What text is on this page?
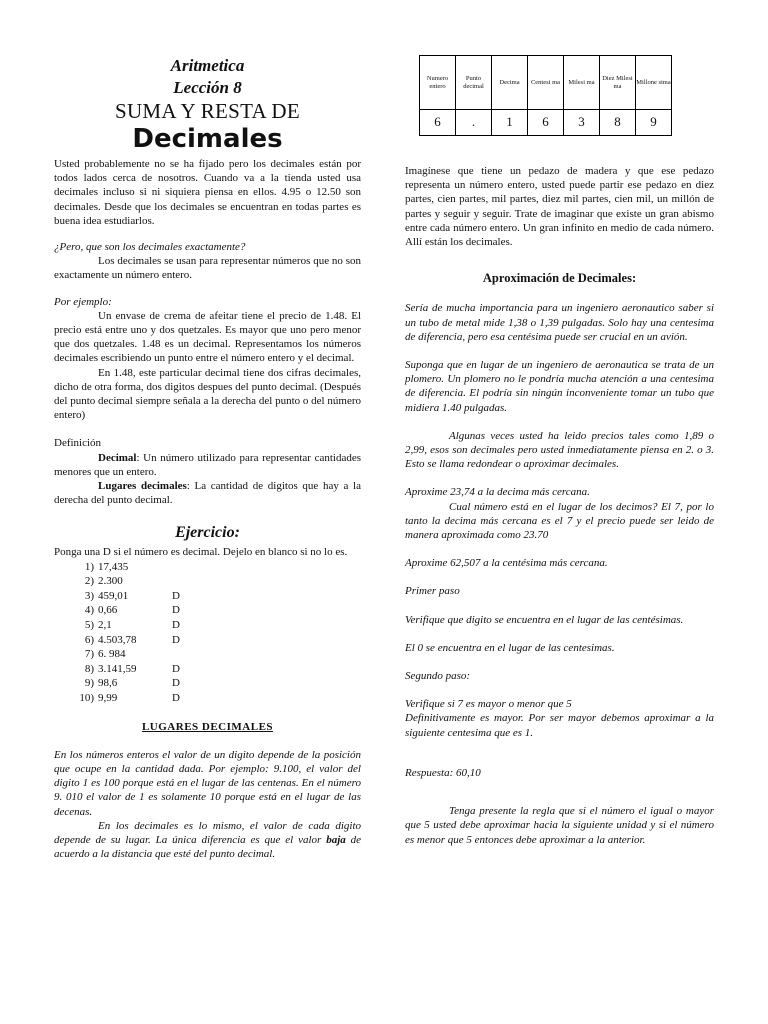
Aritmetica
Lección 8
SUMA Y RESTA DE
Decimales

Usted probablemente no se ha fijado pero los decimales están por todos lados cerca de nosotros. Cuando va a la tienda usted usa decimales incluso si ni siquiera piensa en ellos. 4.95 o 12.50 son decimales. Desde que los decimales se encuentran en todas partes es buena idea estudiarlos.

¿Pero, que son los decimales exactamente?

Los decimales se usan para representar números que no son exactamente un número entero.

Por ejemplo:

Un envase de crema de afeitar tiene el precio de 1.48. El precio está entre uno y dos quetzales. Es mayor que uno pero menor que dos quetzales. 1.48 es un decimal. Representamos los números decimales escribiendo un punto entre el número entero y el decimal.

En 1.48, este particular decimal tiene dos cifras decimales, dicho de otra forma, dos digitos despues del punto decimal. (Después del punto decimal siempre señala a la derecha del punto o del número entero)

Definición

Decimal: Un número utilizado para representar cantidades menores que un entero.

Lugares decimales: La cantidad de digitos que hay a la derecha del punto decimal.

Ejercicio:

Ponga una D si el número es decimal. Dejelo en blanco si no lo es.

1) 17,435
2) 2.300
3) 459,01	D
4) 0,66	D
5) 2,1	D
6) 4.503,78	D
7) 6. 984
8) 3.141,59	D
9) 98,6	D
10) 9,99	D
LUGARES DECIMALES

En los números enteros el valor de un digito depende de la posición que ocupe en la cantidad dada. Por ejemplo: 9.100, el valor del digito 1 es 100 porque está en el lugar de las centenas. En el número 9. 010 el valor de 1 es solamente 10 porque está en el lugar de las decenas.

En los decimales es lo mismo, el valor de cada digito depende de su lugar. La única diferencia es que el valor baja de acuerdo a la distancia que esté del punto decimal.

Numero entero	Punto decimal	Decima	Centesi ma	Milesi ma	Diez Milesi ma	Millone sima
6	.	1	6	3	8	9

Imagínese que tiene un pedazo de madera y que ese pedazo representa un número entero, usted puede partir ese pedazo en diez partes, cien partes, mil partes, diez mil partes, cien mil, un millón de partes y seguir y seguir. Trate de imaginar que existe un gran abismo entre cada número entero. Un gran infinito en medio de cada número. Allí están los decimales.

Aproximación de Decimales:

Sería de mucha importancia para un ingeniero aeronautico saber si un tubo de metal mide 1,38 o 1,39 pulgadas. Solo hay una centesima de diferencia, pero esa centésima puede ser crucial en un avión.

Suponga que en lugar de un ingeniero de aeronautica se trata de un plomero. Un plomero no le pondría mucha atención a una centesima de diferencia. El podría sin ningún inconveniente tomar un tubo que midiera 1.40 pulgadas.

Algunas veces usted ha leido precios tales como 1,89 o 2,99, esos son decimales pero usted inmediatamente piensa en 2. o 3. Esto se llama redondear o aproximar decimales.

Aproxime 23,74 a la decima más cercana.

Cual número está en el lugar de los decimos? El 7, por lo tanto la decima más cercana es el 7 y el precio puede ser leido de manera aproximada como 23.70

Aproxime 62,507 a la centésima más cercana.

Primer paso

Verifique que digito se encuentra en el lugar de las centésimas.

El 0 se encuentra en el lugar de las centesimas.

Segundo paso:

Verifique si 7 es mayor o menor que 5

Definitivamente es mayor. Por ser mayor debemos aproximar a la siguiente centesima que es 1.

Respuesta: 60,10

Tenga presente la regla que si el número el igual o mayor que 5 usted debe aproximar hacia la siguiente unidad y si el número es menor que 5 entonces debe aproximar a la anterior.
